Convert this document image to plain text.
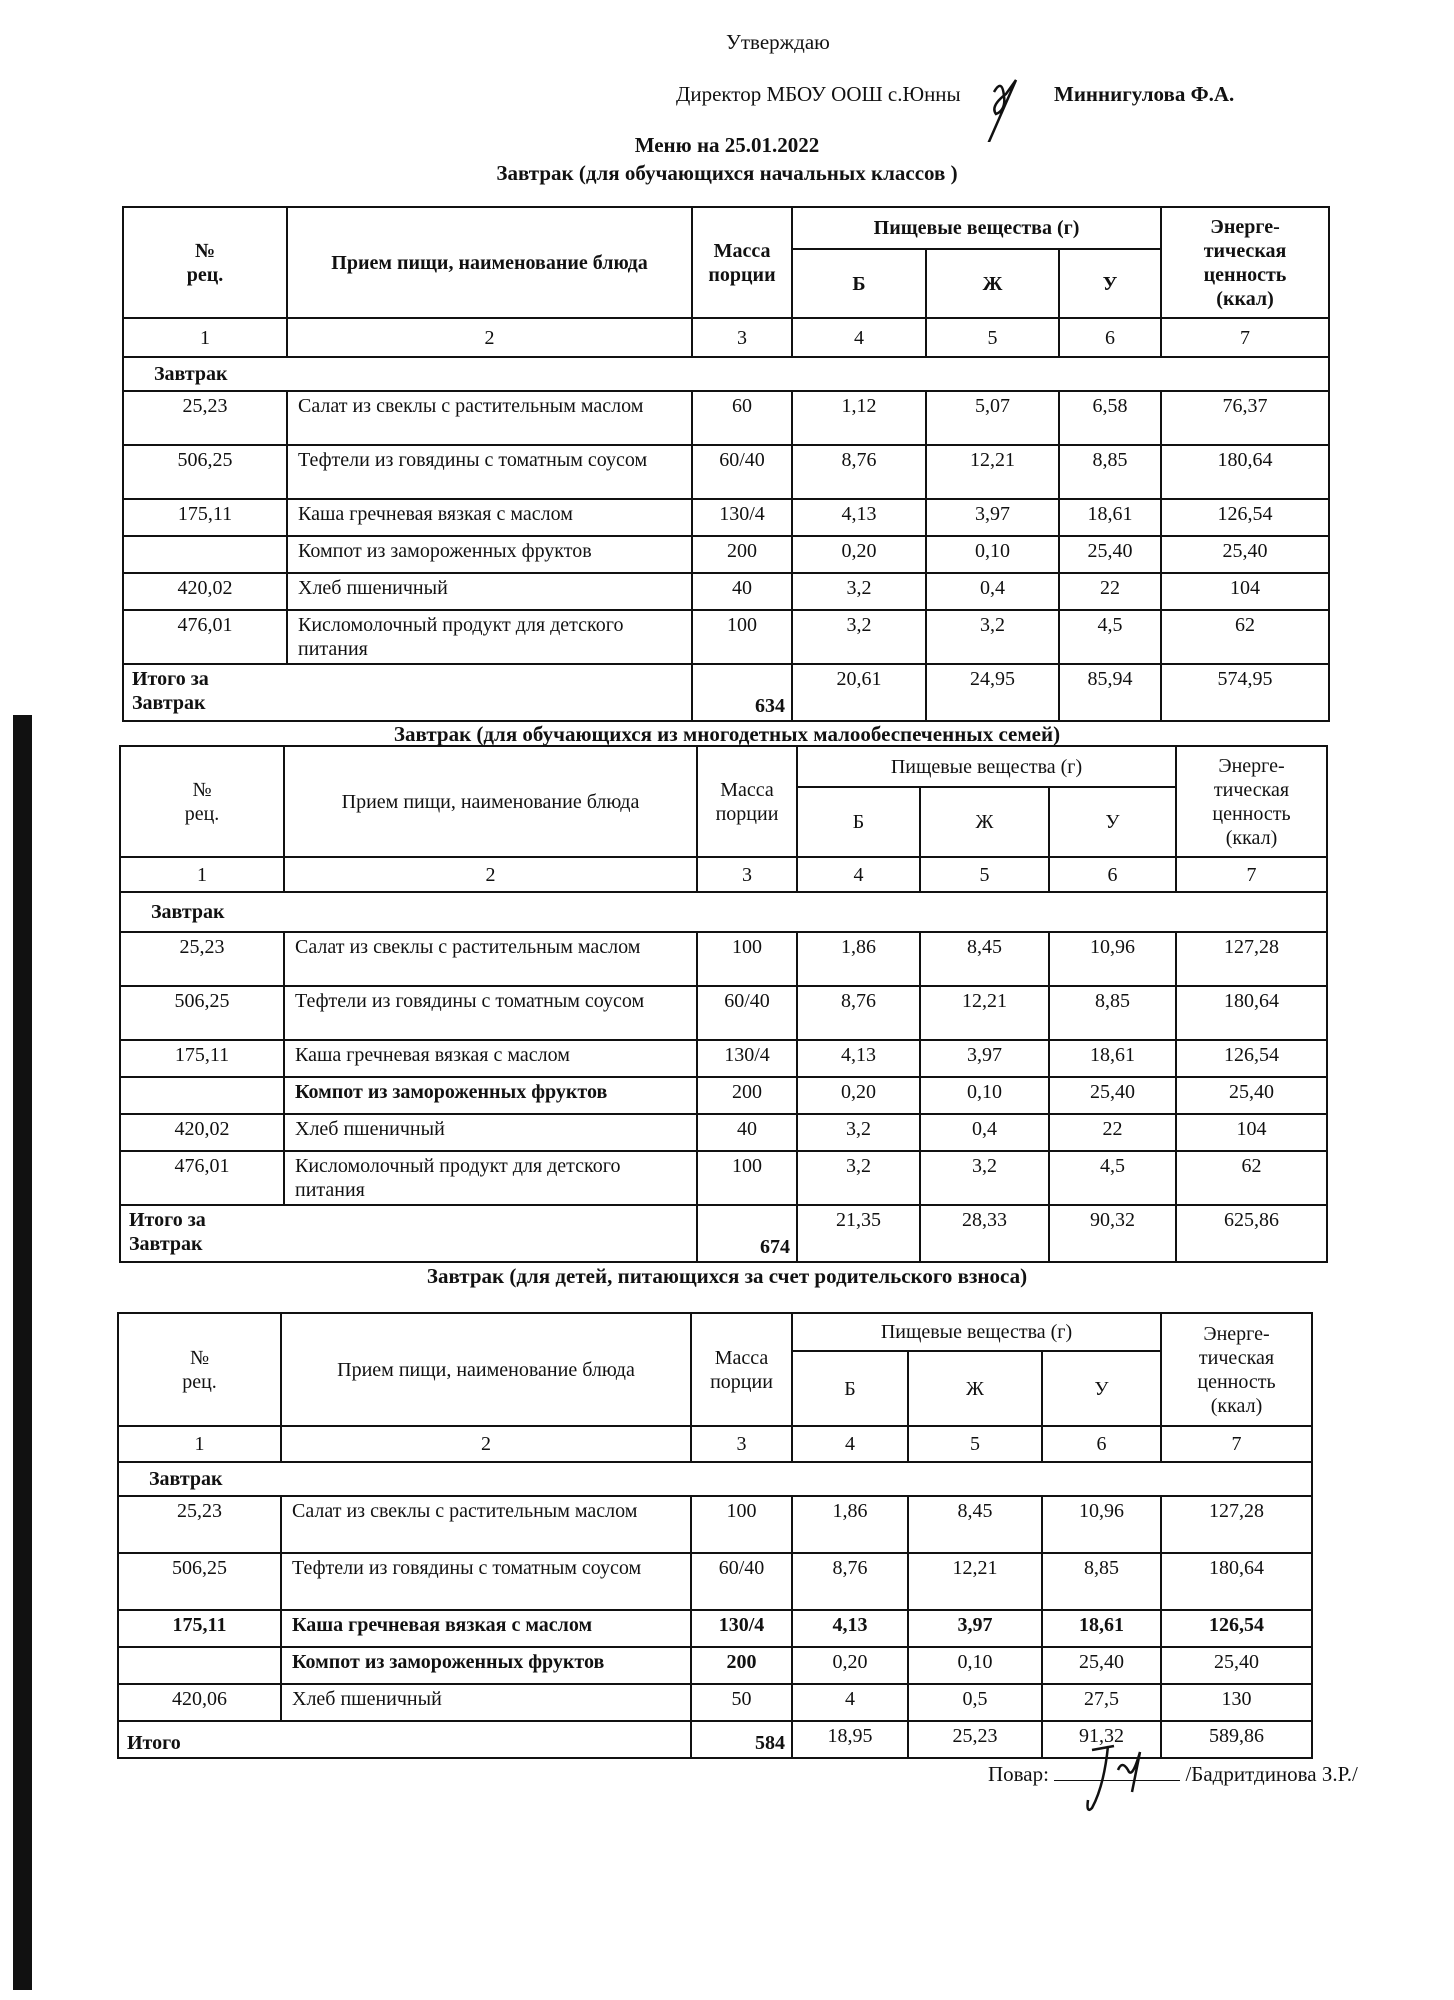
Утверждаю
Директор МБОУ ООШ с.Юнны	Миннигулова Ф.А.
Меню на 25.01.2022
Завтрак (для обучающихся начальных классов )
№
рец.	Прием пищи, наименование блюда	Масса
порции	Пищевые вещества (г)			Энерге-
тическая
ценность
(ккал)
			Б	Ж	У	
1	2	3	4	5	6	7
Завтрак						
25,23	Салат из свеклы с растительным маслом	60	1,12	5,07	6,58	76,37
506,25	Тефтели из говядины с томатным соусом	60/40	8,76	12,21	8,85	180,64
175,11	Каша гречневая вязкая с маслом	130/4	4,13	3,97	18,61	126,54
	Компот из замороженных фруктов	200	0,20	0,10	25,40	25,40
420,02	Хлеб пшеничный	40	3,2	0,4	22	104
476,01	Кисломолочный продукт для детского питания	100	3,2	3,2	4,5	62

Итого за Завтрак		634	20,61	24,95	85,94	574,95
Завтрак (для обучающихся из многодетных малообеспеченных семей)
№
рец.	Прием пищи, наименование блюда	Масса
порции	Пищевые вещества (г)			Энерге-
тическая
ценность
(ккал)
			Б	Ж	У	
1	2	3	4	5	6	7
Завтрак						
25,23	Салат из свеклы с растительным маслом	100	1,86	8,45	10,96	127,28
506,25	Тефтели из говядины с томатным соусом	60/40	8,76	12,21	8,85	180,64
175,11	Каша гречневая вязкая с маслом	130/4	4,13	3,97	18,61	126,54
	Компот из замороженных фруктов	200	0,20	0,10	25,40	25,40
420,02	Хлеб пшеничный	40	3,2	0,4	22	104
476,01	Кисломолочный продукт для детского питания	100	3,2	3,2	4,5	62

Итого за Завтрак		674	21,35	28,33	90,32	625,86
Завтрак (для детей, питающихся за счет родительского взноса)
№
рец.	Прием пищи, наименование блюда	Масса
порции	Пищевые вещества (г)			Энерге-
тическая
ценность
(ккал)
			Б	Ж	У	
1	2	3	4	5	6	7
Завтрак						
25,23	Салат из свеклы с растительным маслом	100	1,86	8,45	10,96	127,28
506,25	Тефтели из говядины с томатным соусом	60/40	8,76	12,21	8,85	180,64
175,11	Каша гречневая вязкая с маслом	130/4	4,13	3,97	18,61	126,54
	Компот из замороженных фруктов	200	0,20	0,10	25,40	25,40
420,06	Хлеб пшеничный	50	4	0,5	27,5	130
Итого		584	18,95	25,23	91,32	589,86
Повар:	/Бадритдинова З.Р./
